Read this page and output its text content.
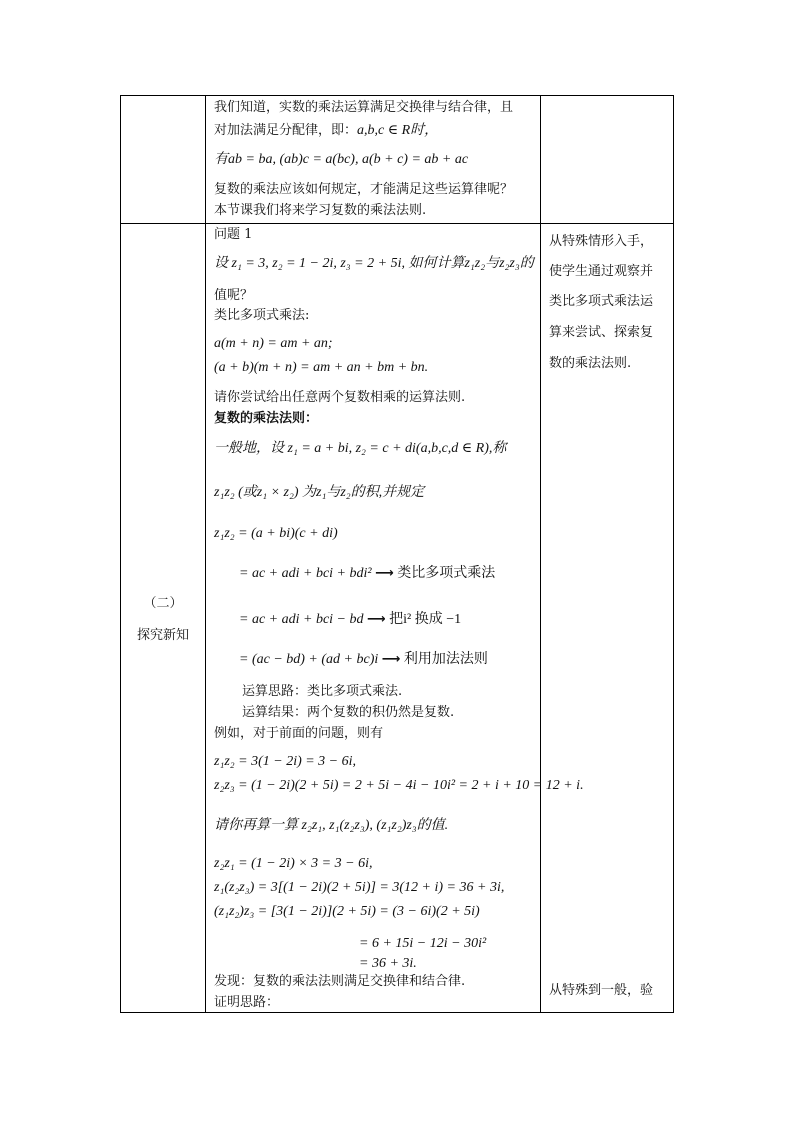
我们知道，实数的乘法运算满足交换律与结合律，且
对加法满足分配律，即：a,b,c ∈ R时，
有ab = ba, (ab)c = a(bc), a(b + c) = ab + ac
复数的乘法应该如何规定，才能满足这些运算律呢？
本节课我们将来学习复数的乘法法则.
（二）
探究新知
从特殊情形入手，
使学生通过观察并
类比多项式乘法运
算来尝试、探索复
数的乘法法则.
从特殊到一般，验
问题 1
设 z₁ = 3, z₂ = 1 − 2i, z₃ = 2 + 5i, 如何计算z₁z₂与z₂z₃的
值呢？
类比多项式乘法:
a(m + n) = am + an;
(a + b)(m + n) = am + an + bm + bn.
请你尝试给出任意两个复数相乘的运算法则.
复数的乘法法则：
一般地，设 z₁ = a + bi, z₂ = c + di(a,b,c,d ∈ R),称
z₁z₂ (或z₁ × z₂) 为z₁与z₂的积,并规定
z₁z₂ = (a + bi)(c + di)
= ac + adi + bci + bdi² ⟶ 类比多项式乘法
= ac + adi + bci − bd ⟶ 把i² 换成 −1
= (ac − bd) + (ad + bc)i ⟶ 利用加法法则
运算思路：类比多项式乘法.
运算结果：两个复数的积仍然是复数.
例如，对于前面的问题，则有
z₁z₂ = 3(1 − 2i) = 3 − 6i,
z₂z₃ = (1 − 2i)(2 + 5i) = 2 + 5i − 4i − 10i² = 2 + i + 10 = 12 + i.
请你再算一算 z₂z₁, z₁(z₂z₃), (z₁z₂)z₃的值.
z₂z₁ = (1 − 2i) × 3 = 3 − 6i,
z₁(z₂z₃) = 3[(1 − 2i)(2 + 5i)] = 3(12 + i) = 36 + 3i,
(z₁z₂)z₃ = [3(1 − 2i)](2 + 5i) = (3 − 6i)(2 + 5i)
= 6 + 15i − 12i − 30i²
= 36 + 3i.
发现：复数的乘法法则满足交换律和结合律.
证明思路：
